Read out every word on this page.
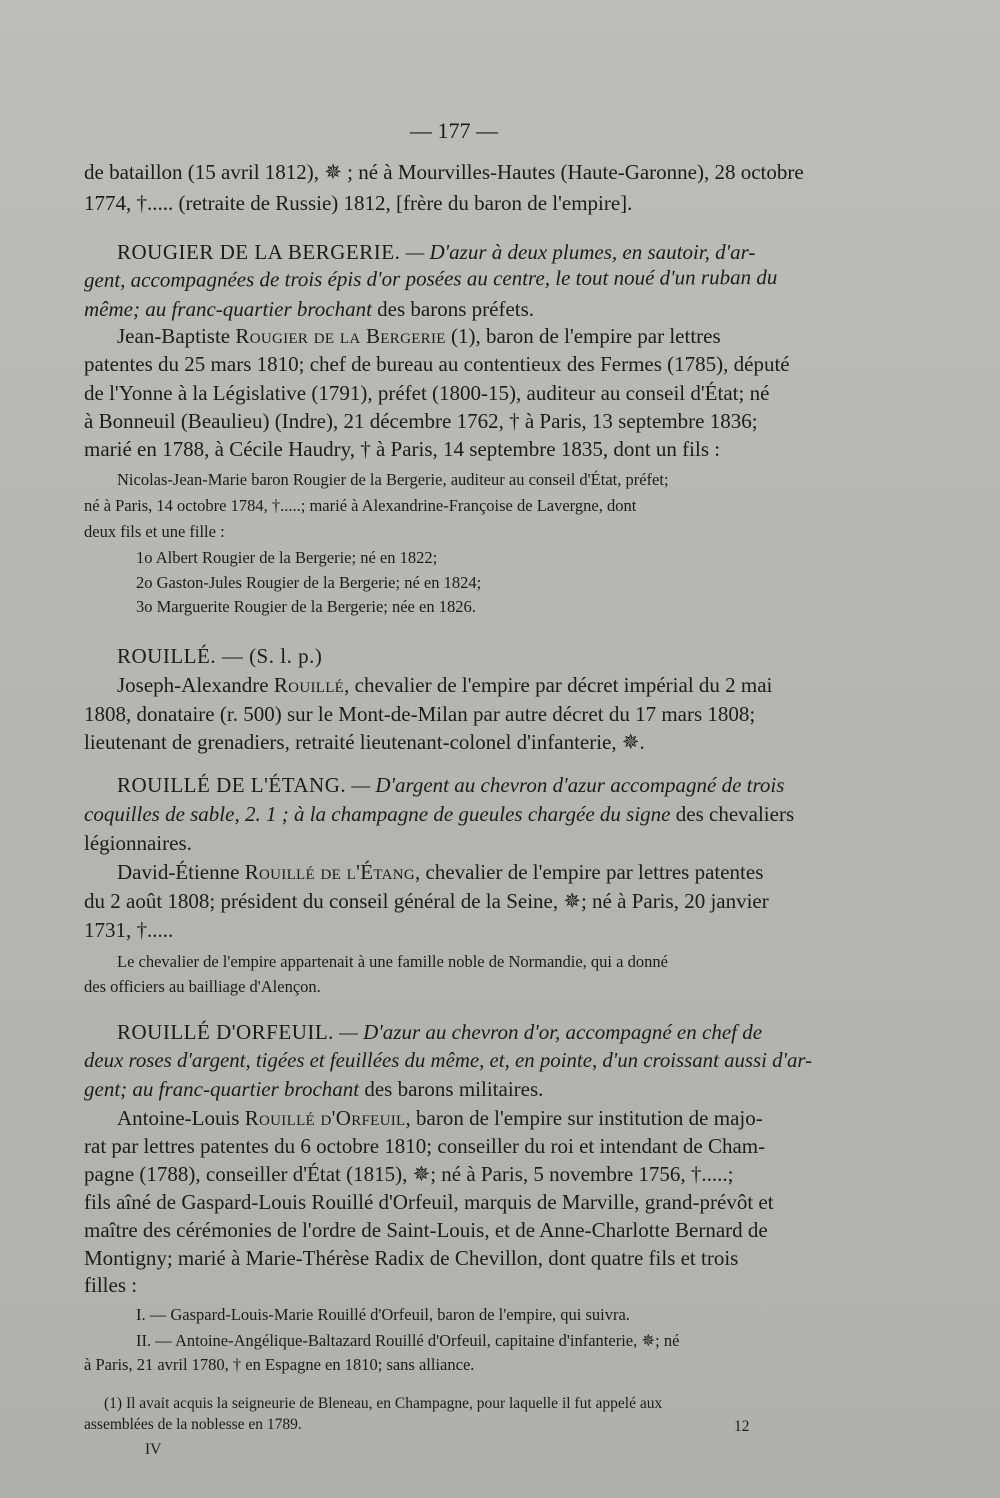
— 177 —
de bataillon (15 avril 1812), ✵ ; né à Mourvilles-Hautes (Haute-Garonne), 28 octobre
1774, †..... (retraite de Russie) 1812, [frère du baron de l'empire].
ROUGIER DE LA BERGERIE. — D'azur à deux plumes, en sautoir, d'ar-
gent, accompagnées de trois épis d'or posées au centre, le tout noué d'un ruban du
même; au franc-quartier brochant des barons préfets.
Jean-Baptiste Rougier de la Bergerie (1), baron de l'empire par lettres
patentes du 25 mars 1810; chef de bureau au contentieux des Fermes (1785), député
de l'Yonne à la Législative (1791), préfet (1800-15), auditeur au conseil d'État; né
à Bonneuil (Beaulieu) (Indre), 21 décembre 1762, † à Paris, 13 septembre 1836;
marié en 1788, à Cécile Haudry, † à Paris, 14 septembre 1835, dont un fils :
Nicolas-Jean-Marie baron Rougier de la Bergerie, auditeur au conseil d'État, préfet;
né à Paris, 14 octobre 1784, †.....; marié à Alexandrine-Françoise de Lavergne, dont
deux fils et une fille :
1o Albert Rougier de la Bergerie; né en 1822;
2o Gaston-Jules Rougier de la Bergerie; né en 1824;
3o Marguerite Rougier de la Bergerie; née en 1826.
ROUILLÉ. — (S. l. p.)
Joseph-Alexandre Rouillé, chevalier de l'empire par décret impérial du 2 mai
1808, donataire (r. 500) sur le Mont-de-Milan par autre décret du 17 mars 1808;
lieutenant de grenadiers, retraité lieutenant-colonel d'infanterie, ✵.
ROUILLÉ DE L'ÉTANG. — D'argent au chevron d'azur accompagné de trois
coquilles de sable, 2. 1 ; à la champagne de gueules chargée du signe des chevaliers
légionnaires.
David-Étienne Rouillé de l'Étang, chevalier de l'empire par lettres patentes
du 2 août 1808; président du conseil général de la Seine, ✵; né à Paris, 20 janvier
1731, †.....
Le chevalier de l'empire appartenait à une famille noble de Normandie, qui a donné
des officiers au bailliage d'Alençon.
ROUILLÉ D'ORFEUIL. — D'azur au chevron d'or, accompagné en chef de
deux roses d'argent, tigées et feuillées du même, et, en pointe, d'un croissant aussi d'ar-
gent; au franc-quartier brochant des barons militaires.
Antoine-Louis Rouillé d'Orfeuil, baron de l'empire sur institution de majo-
rat par lettres patentes du 6 octobre 1810; conseiller du roi et intendant de Cham-
pagne (1788), conseiller d'État (1815), ✵; né à Paris, 5 novembre 1756, †.....;
fils aîné de Gaspard-Louis Rouillé d'Orfeuil, marquis de Marville, grand-prévôt et
maître des cérémonies de l'ordre de Saint-Louis, et de Anne-Charlotte Bernard de
Montigny; marié à Marie-Thérèse Radix de Chevillon, dont quatre fils et trois
filles :
I. — Gaspard-Louis-Marie Rouillé d'Orfeuil, baron de l'empire, qui suivra.
II. — Antoine-Angélique-Baltazard Rouillé d'Orfeuil, capitaine d'infanterie, ✵; né
à Paris, 21 avril 1780, † en Espagne en 1810; sans alliance.
(1) Il avait acquis la seigneurie de Bleneau, en Champagne, pour laquelle il fut appelé aux
assemblées de la noblesse en 1789.	12
IV
